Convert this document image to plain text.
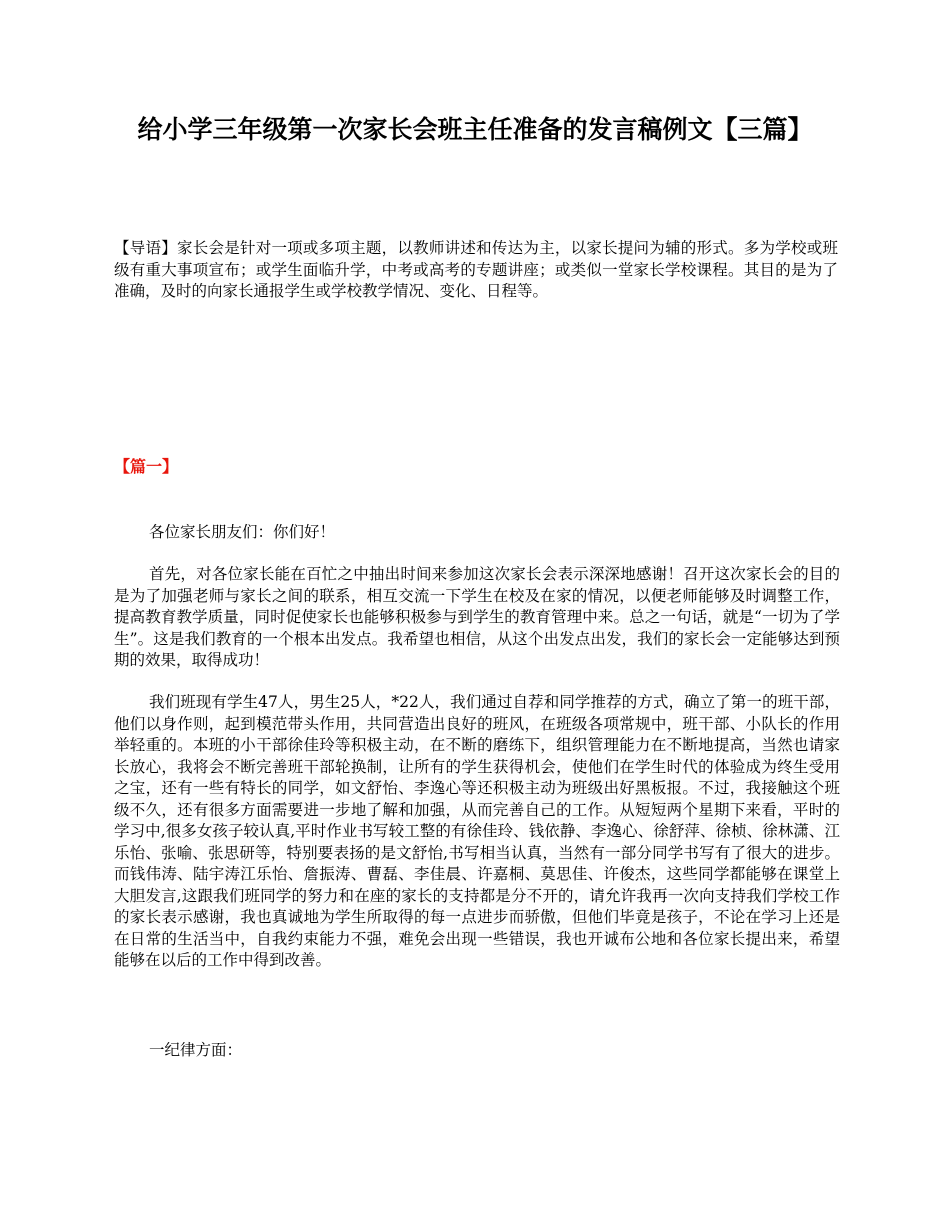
给小学三年级第一次家长会班主任准备的发言稿例文【三篇】

【导语】家长会是针对一项或多项主题，以教师讲述和传达为主，以家长提问为辅的形式。多为学校或班级有重大事项宣布；或学生面临升学，中考或高考的专题讲座；或类似一堂家长学校课程。其目的是为了准确，及时的向家长通报学生或学校教学情况、变化、日程等。

【篇一】

各位家长朋友们：你们好！

首先，对各位家长能在百忙之中抽出时间来参加这次家长会表示深深地感谢！召开这次家长会的目的是为了加强老师与家长之间的联系，相互交流一下学生在校及在家的情况，以便老师能够及时调整工作，提高教育教学质量，同时促使家长也能够积极参与到学生的教育管理中来。总之一句话，就是“一切为了学生”。这是我们教育的一个根本出发点。我希望也相信，从这个出发点出发，我们的家长会一定能够达到预期的效果，取得成功！

我们班现有学生47人，男生25人，*22人，我们通过自荐和同学推荐的方式，确立了第一的班干部，他们以身作则，起到模范带头作用，共同营造出良好的班风，在班级各项常规中，班干部、小队长的作用举轻重的。本班的小干部徐佳玲等积极主动，在不断的磨练下，组织管理能力在不断地提高，当然也请家长放心，我将会不断完善班干部轮换制，让所有的学生获得机会，使他们在学生时代的体验成为终生受用之宝，还有一些有特长的同学，如文舒怡、李逸心等还积极主动为班级出好黑板报。不过，我接触这个班级不久，还有很多方面需要进一步地了解和加强，从而完善自己的工作。从短短两个星期下来看，平时的学习中,很多女孩子较认真,平时作业书写较工整的有徐佳玲、钱依静、李逸心、徐舒萍、徐桢、徐林潇、江乐怡、张喻、张思研等，特别要表扬的是文舒怡,书写相当认真，当然有一部分同学书写有了很大的进步。而钱伟涛、陆宇涛江乐怡、詹振涛、曹磊、李佳晨、许嘉桐、莫思佳、许俊杰，这些同学都能够在课堂上大胆发言,这跟我们班同学的努力和在座的家长的支持都是分不开的，请允许我再一次向支持我们学校工作的家长表示感谢，我也真诚地为学生所取得的每一点进步而骄傲，但他们毕竟是孩子，不论在学习上还是在日常的生活当中，自我约束能力不强，难免会出现一些错误，我也开诚布公地和各位家长提出来，希望能够在以后的工作中得到改善。

一纪律方面：
